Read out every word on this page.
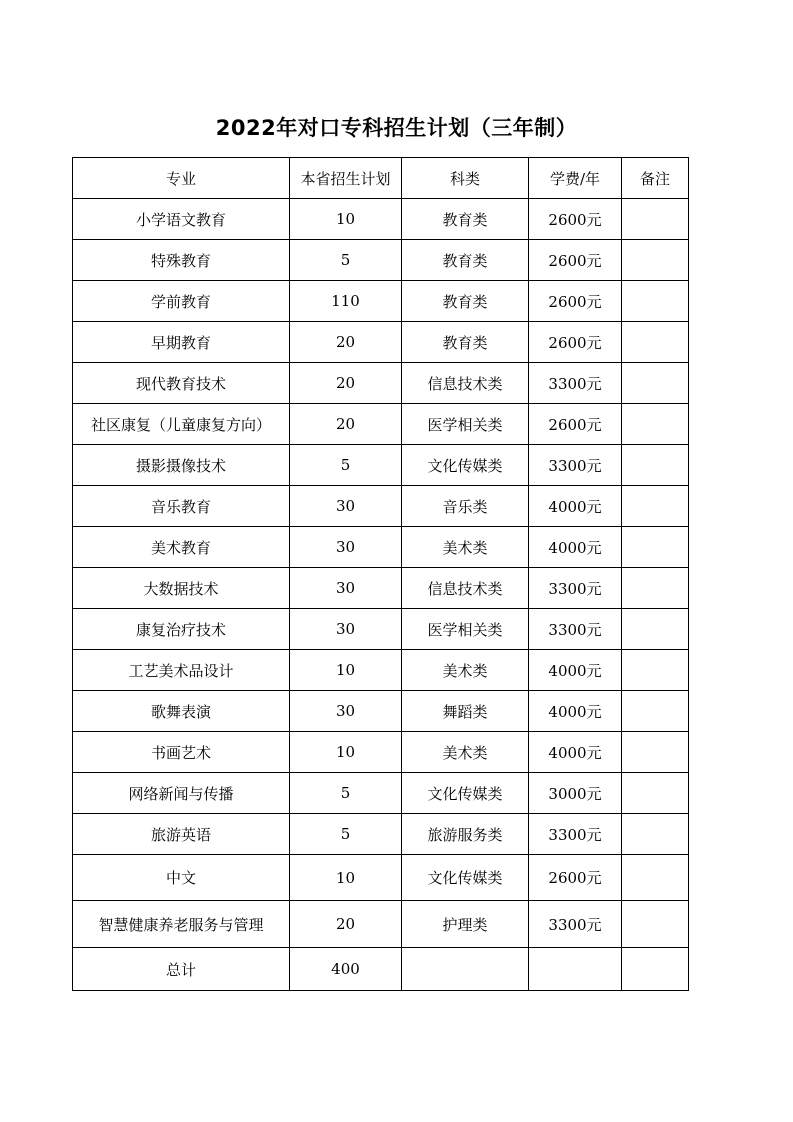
2022年对口专科招生计划（三年制）
专业	本省招生计划	科类	学费/年	备注
小学语文教育	10	教育类	2600元	
特殊教育	5	教育类	2600元	
学前教育	110	教育类	2600元	
早期教育	20	教育类	2600元	
现代教育技术	20	信息技术类	3300元	
社区康复（儿童康复方向）	20	医学相关类	2600元	
摄影摄像技术	5	文化传媒类	3300元	
音乐教育	30	音乐类	4000元	
美术教育	30	美术类	4000元	
大数据技术	30	信息技术类	3300元	
康复治疗技术	30	医学相关类	3300元	
工艺美术品设计	10	美术类	4000元	
歌舞表演	30	舞蹈类	4000元	
书画艺术	10	美术类	4000元	
网络新闻与传播	5	文化传媒类	3000元	
旅游英语	5	旅游服务类	3300元	
中文	10	文化传媒类	2600元	
智慧健康养老服务与管理	20	护理类	3300元	
总计	400			
